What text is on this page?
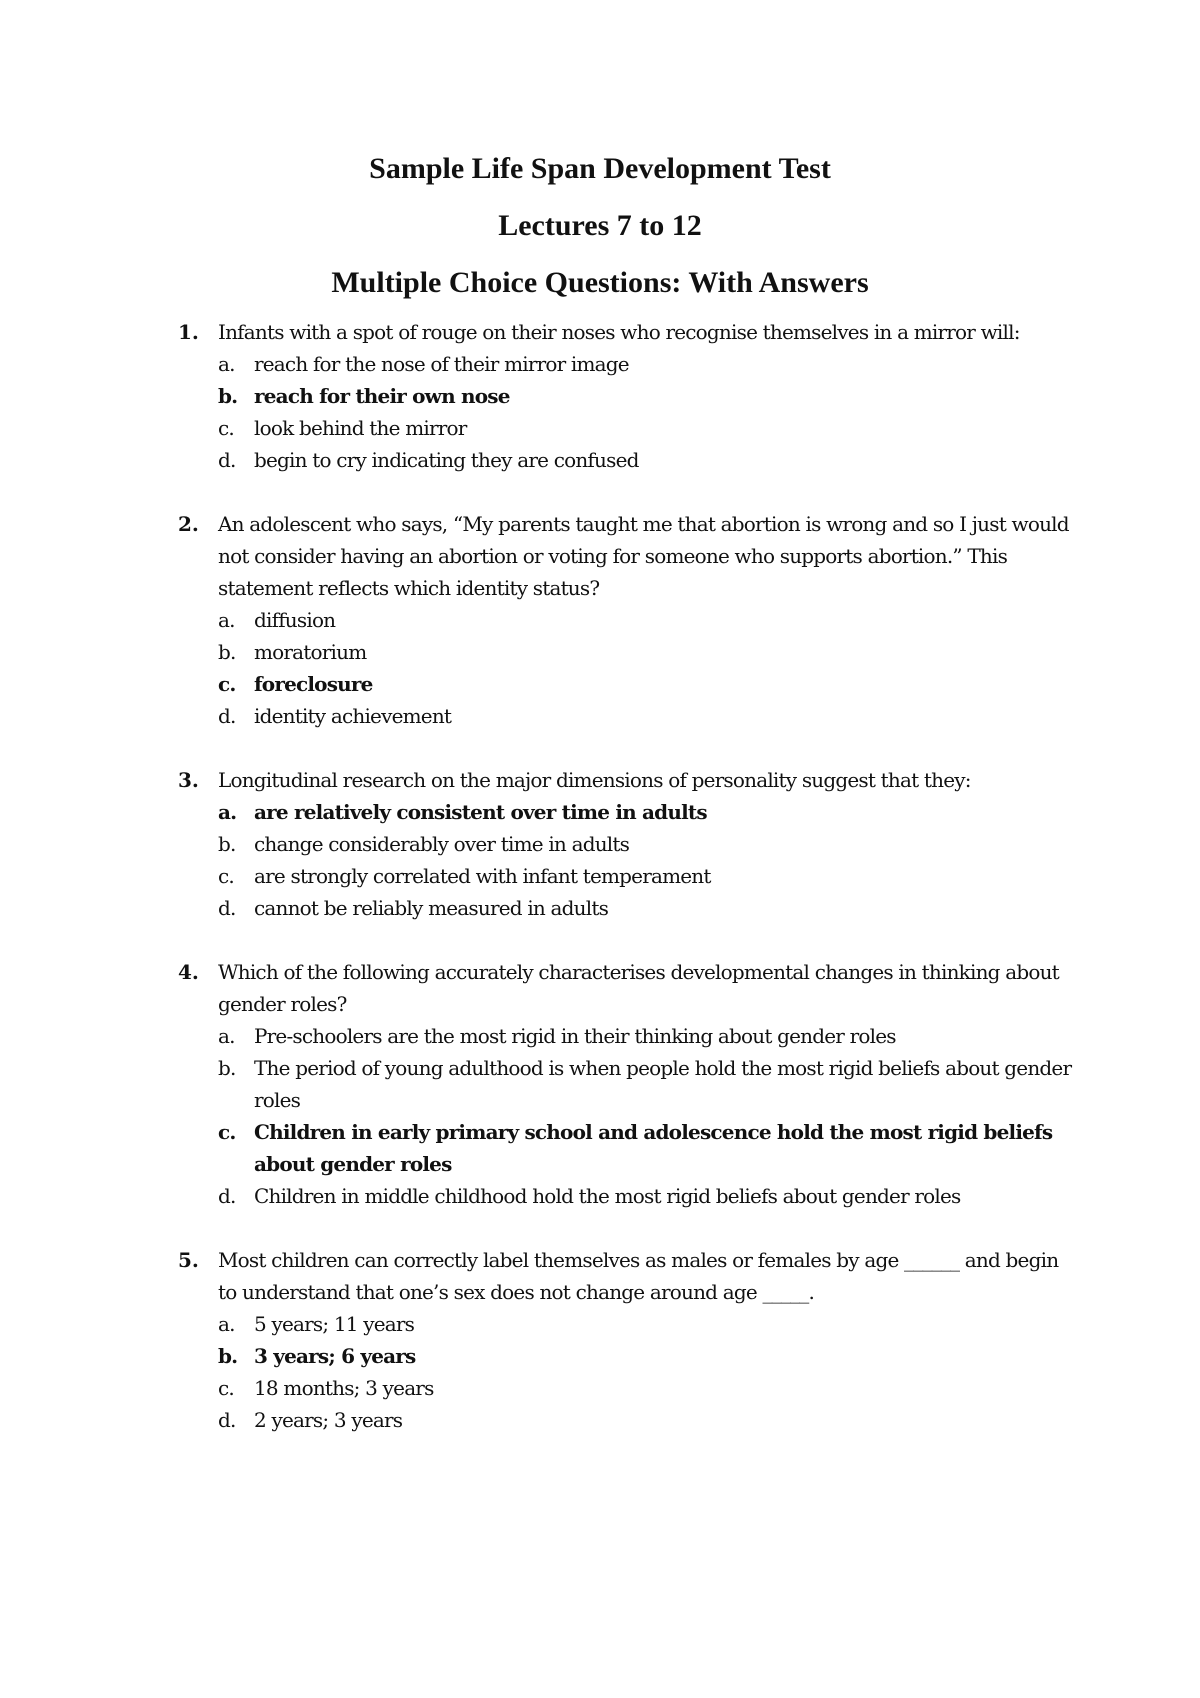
Sample Life Span Development Test
Lectures 7 to 12
Multiple Choice Questions: With Answers
1. Infants with a spot of rouge on their noses who recognise themselves in a mirror will:
a. reach for the nose of their mirror image
b. reach for their own nose
c. look behind the mirror
d. begin to cry indicating they are confused
2. An adolescent who says, “My parents taught me that abortion is wrong and so I just would not consider having an abortion or voting for someone who supports abortion.” This statement reflects which identity status?
a. diffusion
b. moratorium
c. foreclosure
d. identity achievement
3. Longitudinal research on the major dimensions of personality suggest that they:
a. are relatively consistent over time in adults
b. change considerably over time in adults
c. are strongly correlated with infant temperament
d. cannot be reliably measured in adults
4. Which of the following accurately characterises developmental changes in thinking about gender roles?
a. Pre-schoolers are the most rigid in their thinking about gender roles
b. The period of young adulthood is when people hold the most rigid beliefs about gender roles
c. Children in early primary school and adolescence hold the most rigid beliefs about gender roles
d. Children in middle childhood hold the most rigid beliefs about gender roles
5. Most children can correctly label themselves as males or females by age ______ and begin to understand that one’s sex does not change around age _____.
a. 5 years; 11 years
b. 3 years; 6 years
c. 18 months; 3 years
d. 2 years; 3 years
